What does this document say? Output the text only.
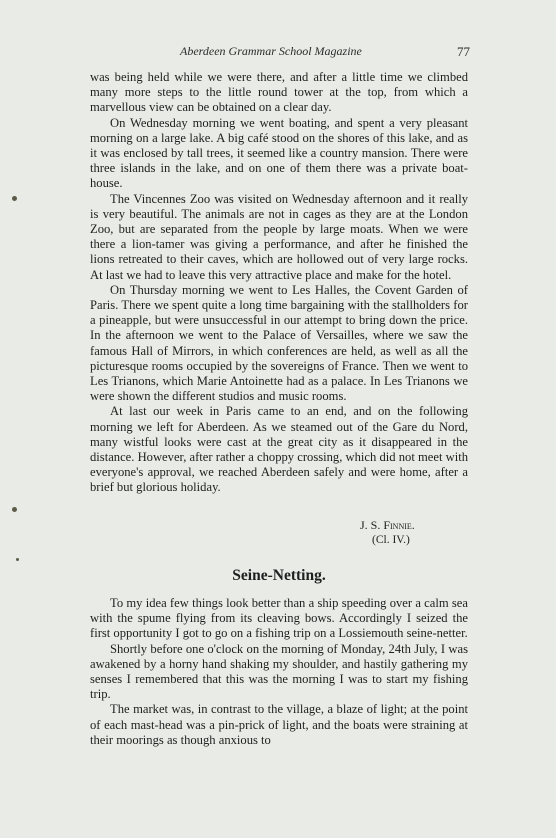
Aberdeen Grammar School Magazine	77

was being held while we were there, and after a little time we climbed many more steps to the little round tower at the top, from which a marvellous view can be obtained on a clear day.

On Wednesday morning we went boating, and spent a very pleasant morning on a large lake. A big café stood on the shores of this lake, and as it was enclosed by tall trees, it seemed like a country mansion. There were three islands in the lake, and on one of them there was a private boat-house.

The Vincennes Zoo was visited on Wednesday afternoon and it really is very beautiful. The animals are not in cages as they are at the London Zoo, but are separated from the people by large moats. When we were there a lion-tamer was giving a performance, and after he finished the lions retreated to their caves, which are hollowed out of very large rocks. At last we had to leave this very attractive place and make for the hotel.

On Thursday morning we went to Les Halles, the Covent Garden of Paris. There we spent quite a long time bargaining with the stallholders for a pineapple, but were unsuccessful in our attempt to bring down the price. In the afternoon we went to the Palace of Versailles, where we saw the famous Hall of Mirrors, in which conferences are held, as well as all the picturesque rooms occupied by the sovereigns of France. Then we went to Les Trianons, which Marie Antoinette had as a palace. In Les Trianons we were shown the different studios and music rooms.

At last our week in Paris came to an end, and on the following morning we left for Aberdeen. As we steamed out of the Gare du Nord, many wistful looks were cast at the great city as it disappeared in the distance. However, after rather a choppy crossing, which did not meet with everyone's approval, we reached Aberdeen safely and were home, after a brief but glorious holiday.

J. S. Finnie.
(Cl. IV.)
Seine-Netting.

To my idea few things look better than a ship speeding over a calm sea with the spume flying from its cleaving bows. Accordingly I seized the first opportunity I got to go on a fishing trip on a Lossiemouth seine-netter.

Shortly before one o'clock on the morning of Monday, 24th July, I was awakened by a horny hand shaking my shoulder, and hastily gathering my senses I remembered that this was the morning I was to start my fishing trip.

The market was, in contrast to the village, a blaze of light; at the point of each mast-head was a pin-prick of light, and the boats were straining at their moorings as though anxious to
